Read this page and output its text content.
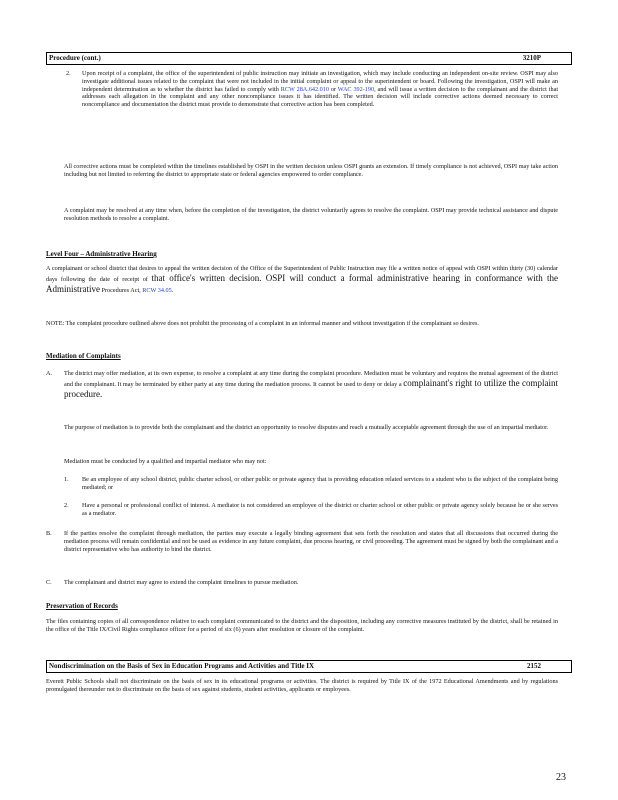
Procedure (cont.)	3210P
2. Upon receipt of a complaint, the office of the superintendent of public instruction may initiate an investigation, which may include conducting an independent on-site review. OSPI may also investigate additional issues related to the complaint that were not included in the initial complaint or appeal to the superintendent or board. Following the investigation, OSPI will make an independent determination as to whether the district has failed to comply with RCW 28A.642.010 or WAC 392-190, and will issue a written decision to the complainant and the district that addresses each allegation in the complaint and any other noncompliance issues it has identified. The written decision will include corrective actions deemed necessary to correct noncompliance and documentation the district must provide to demonstrate that corrective action has been completed.
All corrective actions must be completed within the timelines established by OSPI in the written decision unless OSPI grants an extension. If timely compliance is not achieved, OSPI may take action including but not limited to referring the district to appropriate state or federal agencies empowered to order compliance.
A complaint may be resolved at any time when, before the completion of the investigation, the district voluntarily agrees to resolve the complaint. OSPI may provide technical assistance and dispute resolution methods to resolve a complaint.
Level Four – Administrative Hearing
A complainant or school district that desires to appeal the written decision of the Office of the Superintendent of Public Instruction may file a written notice of appeal with OSPI within thirty (30) calendar days following the date of receipt of that office's written decision. OSPI will conduct a formal administrative hearing in conformance with the Administrative Procedures Act, RCW 34.05.
NOTE: The complaint procedure outlined above does not prohibit the processing of a complaint in an informal manner and without investigation if the complainant so desires.
Mediation of Complaints
A. The district may offer mediation, at its own expense, to resolve a complaint at any time during the complaint procedure. Mediation must be voluntary and requires the mutual agreement of the district and the complainant. It may be terminated by either party at any time during the mediation process. It cannot be used to deny or delay a complainant's right to utilize the complaint procedure.
The purpose of mediation is to provide both the complainant and the district an opportunity to resolve disputes and reach a mutually acceptable agreement through the use of an impartial mediator.
Mediation must be conducted by a qualified and impartial mediator who may not:
1. Be an employee of any school district, public charter school, or other public or private agency that is providing education related services to a student who is the subject of the complaint being mediated; or
2. Have a personal or professional conflict of interest. A mediator is not considered an employee of the district or charter school or other public or private agency solely because he or she serves as a mediator.
B. If the parties resolve the complaint through mediation, the parties may execute a legally binding agreement that sets forth the resolution and states that all discussions that occurred during the mediation process will remain confidential and not be used as evidence in any future complaint, due process hearing, or civil proceeding. The agreement must be signed by both the complainant and a district representative who has authority to bind the district.
C. The complainant and district may agree to extend the complaint timelines to pursue mediation.
Preservation of Records
The files containing copies of all correspondence relative to each complaint communicated to the district and the disposition, including any corrective measures instituted by the district, shall be retained in the office of the Title IX/Civil Rights compliance officer for a period of six (6) years after resolution or closure of the complaint.
Nondiscrimination on the Basis of Sex in Education Programs and Activities and Title IX	2152
Everett Public Schools shall not discriminate on the basis of sex in its educational programs or activities. The district is required by Title IX of the 1972 Educational Amendments and by regulations promulgated thereunder not to discriminate on the basis of sex against students, student activities, applicants or employees.
23
